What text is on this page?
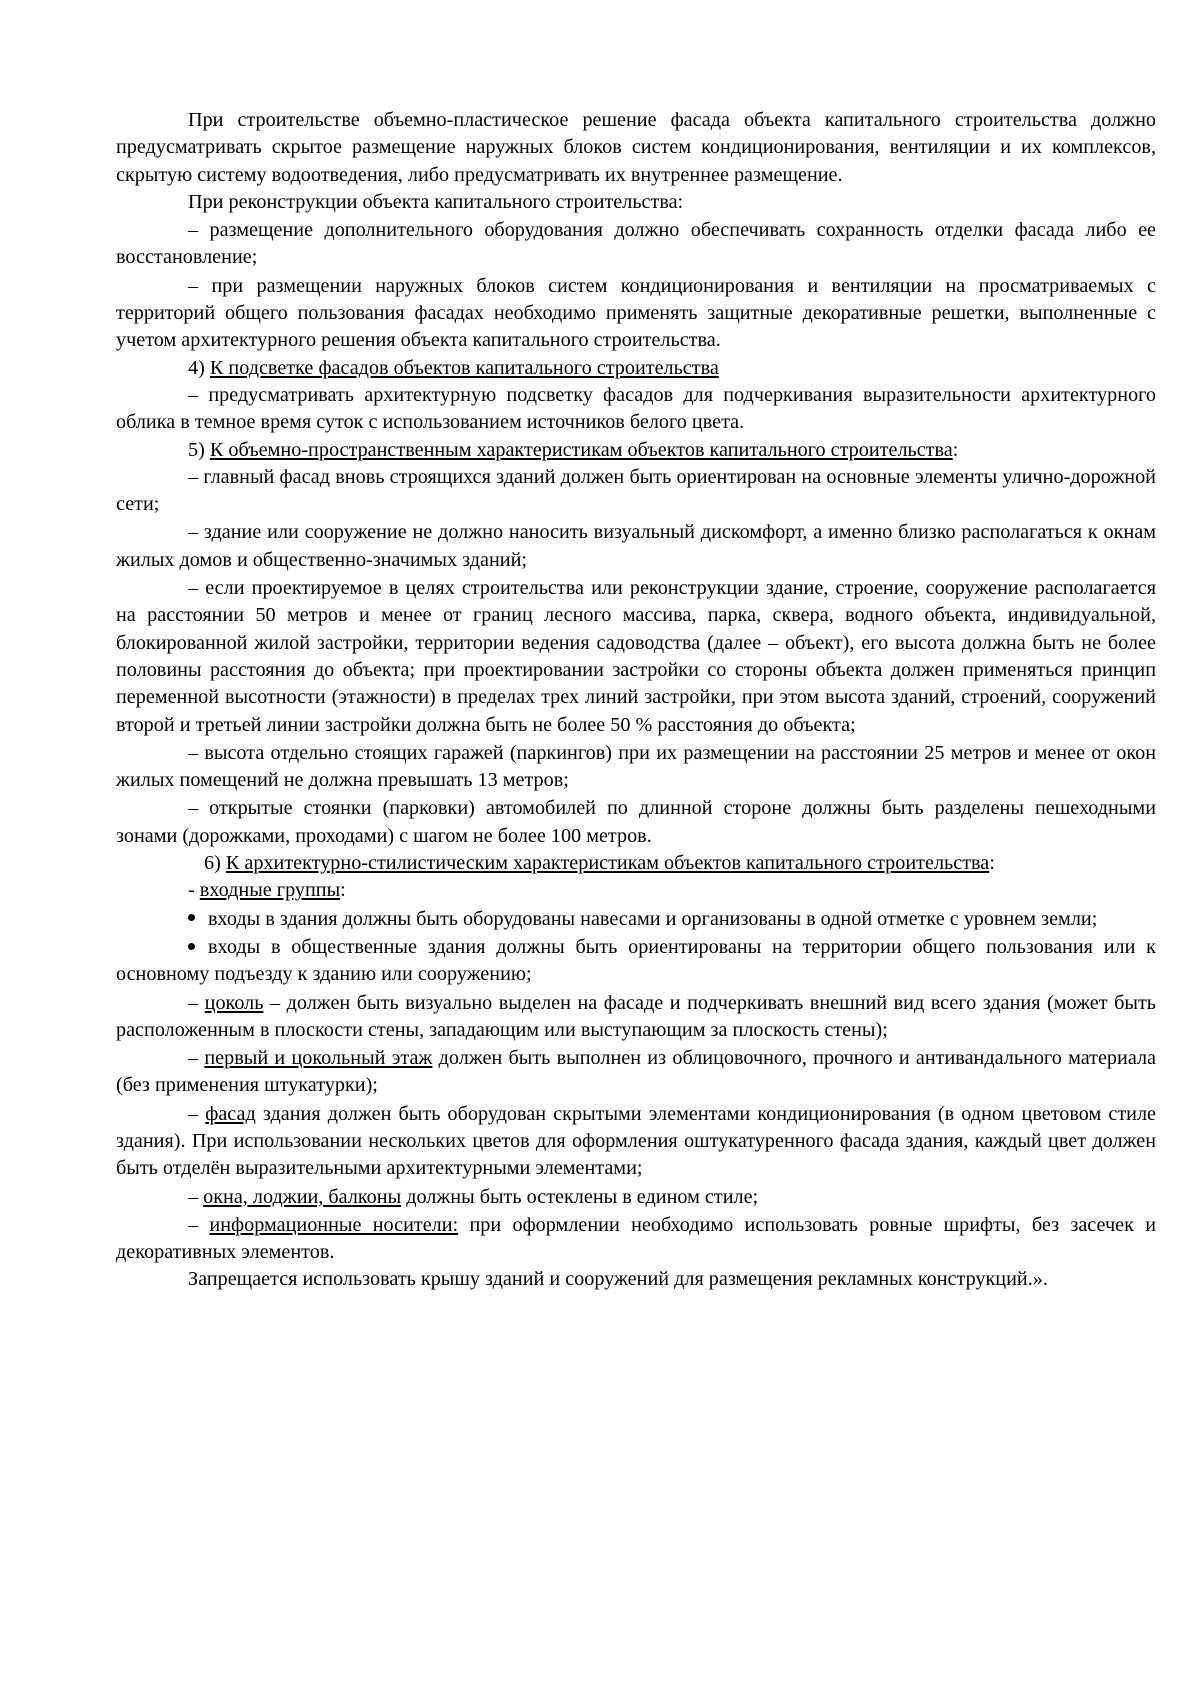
При строительстве объемно-пластическое решение фасада объекта капитального строительства должно предусматривать скрытое размещение наружных блоков систем кондиционирования, вентиляции и их комплексов, скрытую систему водоотведения, либо предусматривать их внутреннее размещение.

При реконструкции объекта капитального строительства:

– размещение дополнительного оборудования должно обеспечивать сохранность отделки фасада либо ее восстановление;

– при размещении наружных блоков систем кондиционирования и вентиляции на просматриваемых с территорий общего пользования фасадах необходимо применять защитные декоративные решетки, выполненные с учетом архитектурного решения объекта капитального строительства.

4) К подсветке фасадов объектов капитального строительства

– предусматривать архитектурную подсветку фасадов для подчеркивания выразительности архитектурного облика в темное время суток с использованием источников белого цвета.

5) К объемно-пространственным характеристикам объектов капитального строительства:

– главный фасад вновь строящихся зданий должен быть ориентирован на основные элементы улично-дорожной сети;

– здание или сооружение не должно наносить визуальный дискомфорт, а именно близко располагаться к окнам жилых домов и общественно-значимых зданий;

– если проектируемое в целях строительства или реконструкции здание, строение, сооружение располагается на расстоянии 50 метров и менее от границ лесного массива, парка, сквера, водного объекта, индивидуальной, блокированной жилой застройки, территории ведения садоводства (далее – объект), его высота должна быть не более половины расстояния до объекта; при проектировании застройки со стороны объекта должен применяться принцип переменной высотности (этажности) в пределах трех линий застройки, при этом высота зданий, строений, сооружений второй и третьей линии застройки должна быть не более 50 % расстояния до объекта;

– высота отдельно стоящих гаражей (паркингов) при их размещении на расстоянии 25 метров и менее от окон жилых помещений не должна превышать 13 метров;

– открытые стоянки (парковки) автомобилей по длинной стороне должны быть разделены пешеходными зонами (дорожками, проходами) с шагом не более 100 метров.

6) К архитектурно-стилистическим характеристикам объектов капитального строительства:

- входные группы:

входы в здания должны быть оборудованы навесами и организованы в одной отметке с уровнем земли;

входы в общественные здания должны быть ориентированы на территории общего пользования или к основному подъезду к зданию или сооружению;

– цоколь – должен быть визуально выделен на фасаде и подчеркивать внешний вид всего здания (может быть расположенным в плоскости стены, западающим или выступающим за плоскость стены);

– первый и цокольный этаж должен быть выполнен из облицовочного, прочного и антивандального материала (без применения штукатурки);

– фасад здания должен быть оборудован скрытыми элементами кондиционирования (в одном цветовом стиле здания). При использовании нескольких цветов для оформления оштукатуренного фасада здания, каждый цвет должен быть отделён выразительными архитектурными элементами;

– окна, лоджии, балконы должны быть остеклены в едином стиле;

– информационные носители: при оформлении необходимо использовать ровные шрифты, без засечек и декоративных элементов.

Запрещается использовать крышу зданий и сооружений для размещения рекламных конструкций.».
